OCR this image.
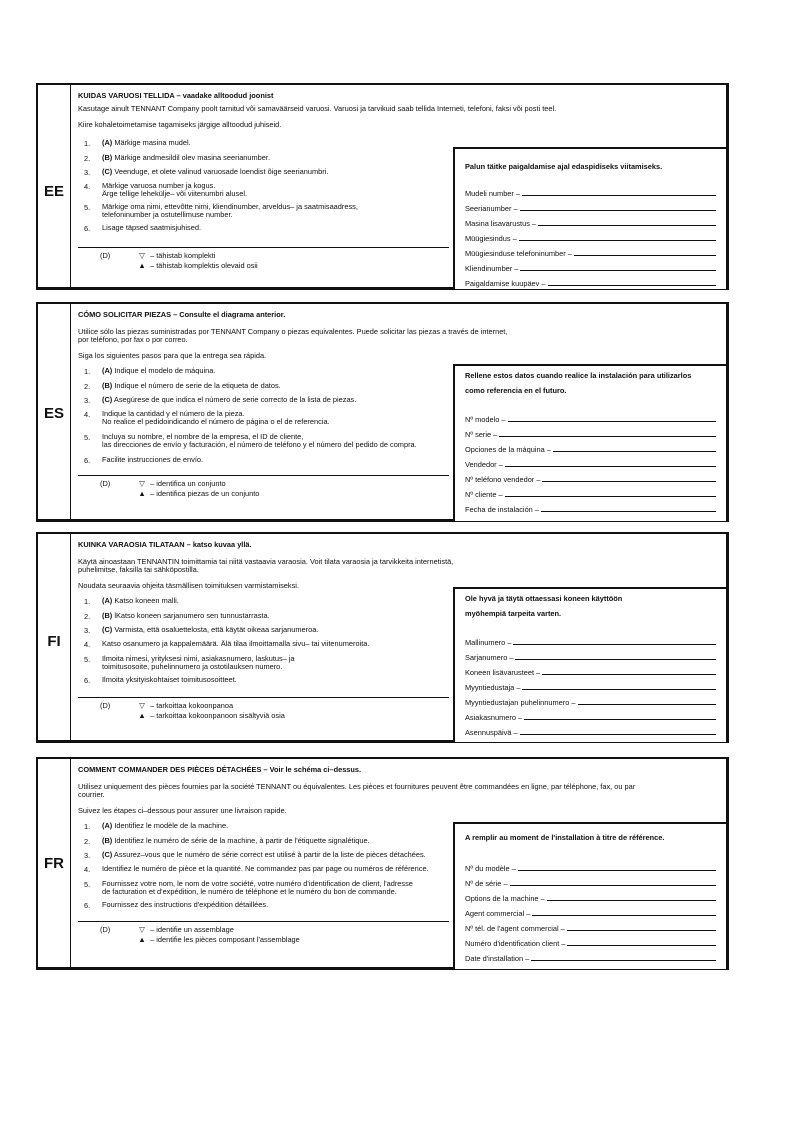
EE
KUIDAS VARUOSI TELLIDA – vaadake alltoodud joonist
Kasutage ainult TENNANT Company poolt tarnitud või samaväärseid varuosi. Varuosi ja tarvikuid saab tellida Interneti, telefoni, faksi või posti teel.
Kiire kohaletoimetamise tagamiseks järgige alltoodud juhiseid.
1. (A) Märkige masina mudel.
2. (B) Märkige andmesildil olev masina seerianumber.
3. (C) Veenduge, et olete valinud varuosade loendist õige seerianumbri.
4. Märkige varuosa number ja kogus.
Ärge tellige lehekülje– või viitenumbri alusel.
5. Märkige oma nimi, ettevõtte nimi, kliendinumber, arveldus– ja saatmisaadress,
telefoninumber ja ostutellimuse number.
6. Lisage täpsed saatmisjuhised.
(D)	▽ – tähistab komplekti
▲ – tähistab komplektis olevaid osii
Palun täitke paigaldamise ajal edaspidiseks viitamiseks.
Mudeli number –
Seerianumber –
Masina lisavarustus –
Müügiesindus –
Müügiesinduse telefoninumber –
Kliendinumber –
Paigaldamise kuupäev –
ES
CÓMO SOLICITAR PIEZAS – Consulte el diagrama anterior.
Utilice sólo las piezas suministradas por TENNANT Company o piezas equivalentes. Puede solicitar las piezas a través de internet,
por teléfono, por fax o por correo.
Siga los siguientes pasos para que la entrega sea rápida.
1. (A) Indique el modelo de máquina.
2. (B) Indique el número de serie de la etiqueta de datos.
3. (C) Asegúrese de que indica el número de serie correcto de la lista de piezas.
4. Indique la cantidad y el número de la pieza.
No realice el pedidoindicando el número de página o el de referencia.
5. Incluya su nombre, el nombre de la empresa, el ID de cliente,
las direcciones de envío y facturación, el número de teléfono y el número del pedido de compra.
6. Facilite instrucciones de envío.
(D)	▽ – identifica un conjunto
▲ – identifica piezas de un conjunto
Rellene estos datos cuando realice la instalación para utilizarlos
como referencia en el futuro.
Nº modelo –
Nº serie –
Opciones de la máquina –
Vendedor –
Nº teléfono vendedor –
Nº cliente –
Fecha de instalación –
FI
KUINKA VARAOSIA TILATAAN – katso kuvaa yllä.
Käytä ainoastaan TENNANTIN toimittamia tai niitä vastaavia varaosia. Voit tilata varaosia ja tarvikkeita internetistä,
puhelimitse, faksilla tai sähköpostilla.
Noudata seuraavia ohjeita täsmällisen toimituksen varmistamiseksi.
1. (A) Katso koneen malli.
2. (B) lKatso koneen sarjanumero sen tunnustarrasta.
3. (C) Varmista, että osaluettelosta, että käytät oikeaa sarjanumeroa.
4. Katso osanumero ja kappalemäärä. Älä tilaa ilmoittamalla sivu– tai viitenumeroita.
5. Ilmoita nimesi, yrityksesi nimi, asiakasnumero, laskutus– ja
toimitusosoite, puhelinnumero ja ostotilauksen numero.
6. Ilmoita yksityiskohtaiset toimitusosoitteet.
(D)	▽ – tarkoittaa kokoonpanoa
▲ – tarkoittaa kokoonpanoon sisältyviä osia
Ole hyvä ja täytä ottaessasi koneen käyttöön
myöhempiä tarpeita varten.
Mallinumero –
Sarjanumero –
Koneen lisävarusteet –
Myyntiedustaja –
Myyntiedustajan puhelinnumero –
Asiakasnumero –
Asennuspäivä –
FR
COMMENT COMMANDER DES PIÈCES DÉTACHÉES – Voir le schéma ci–dessus.
Utilisez uniquement des pièces fournies par la société TENNANT ou équivalentes. Les pièces et fournitures peuvent être commandées en ligne, par téléphone, fax, ou par
courrier.
Suivez les étapes ci–dessous pour assurer une livraison rapide.
1. (A) Identifiez le modèle de la machine.
2. (B) Identifiez le numéro de série de la machine, à partir de l'étiquette signalétique.
3. (C) Assurez–vous que le numéro de série correct est utilisé à partir de la liste de pièces détachées.
4. Identifiez le numéro de pièce et la quantité. Ne commandez pas par page ou numéros de référence.
5. Fournissez votre nom, le nom de votre société, votre numéro d'identification de client, l'adresse
de facturation et d'expédition, le numéro de téléphone et le numéro du bon de commande.
6. Fournissez des instructions d'expédition détaillées.
(D)	▽ – identifie un assemblage
▲ – identifie les pièces composant l'assemblage
A remplir au moment de l'installation à titre de référence.
Nº du modèle –
Nº de série –
Options de la machine –
Agent commercial –
Nº tél. de l'agent commercial –
Numéro d'identification client –
Date d'installation –
